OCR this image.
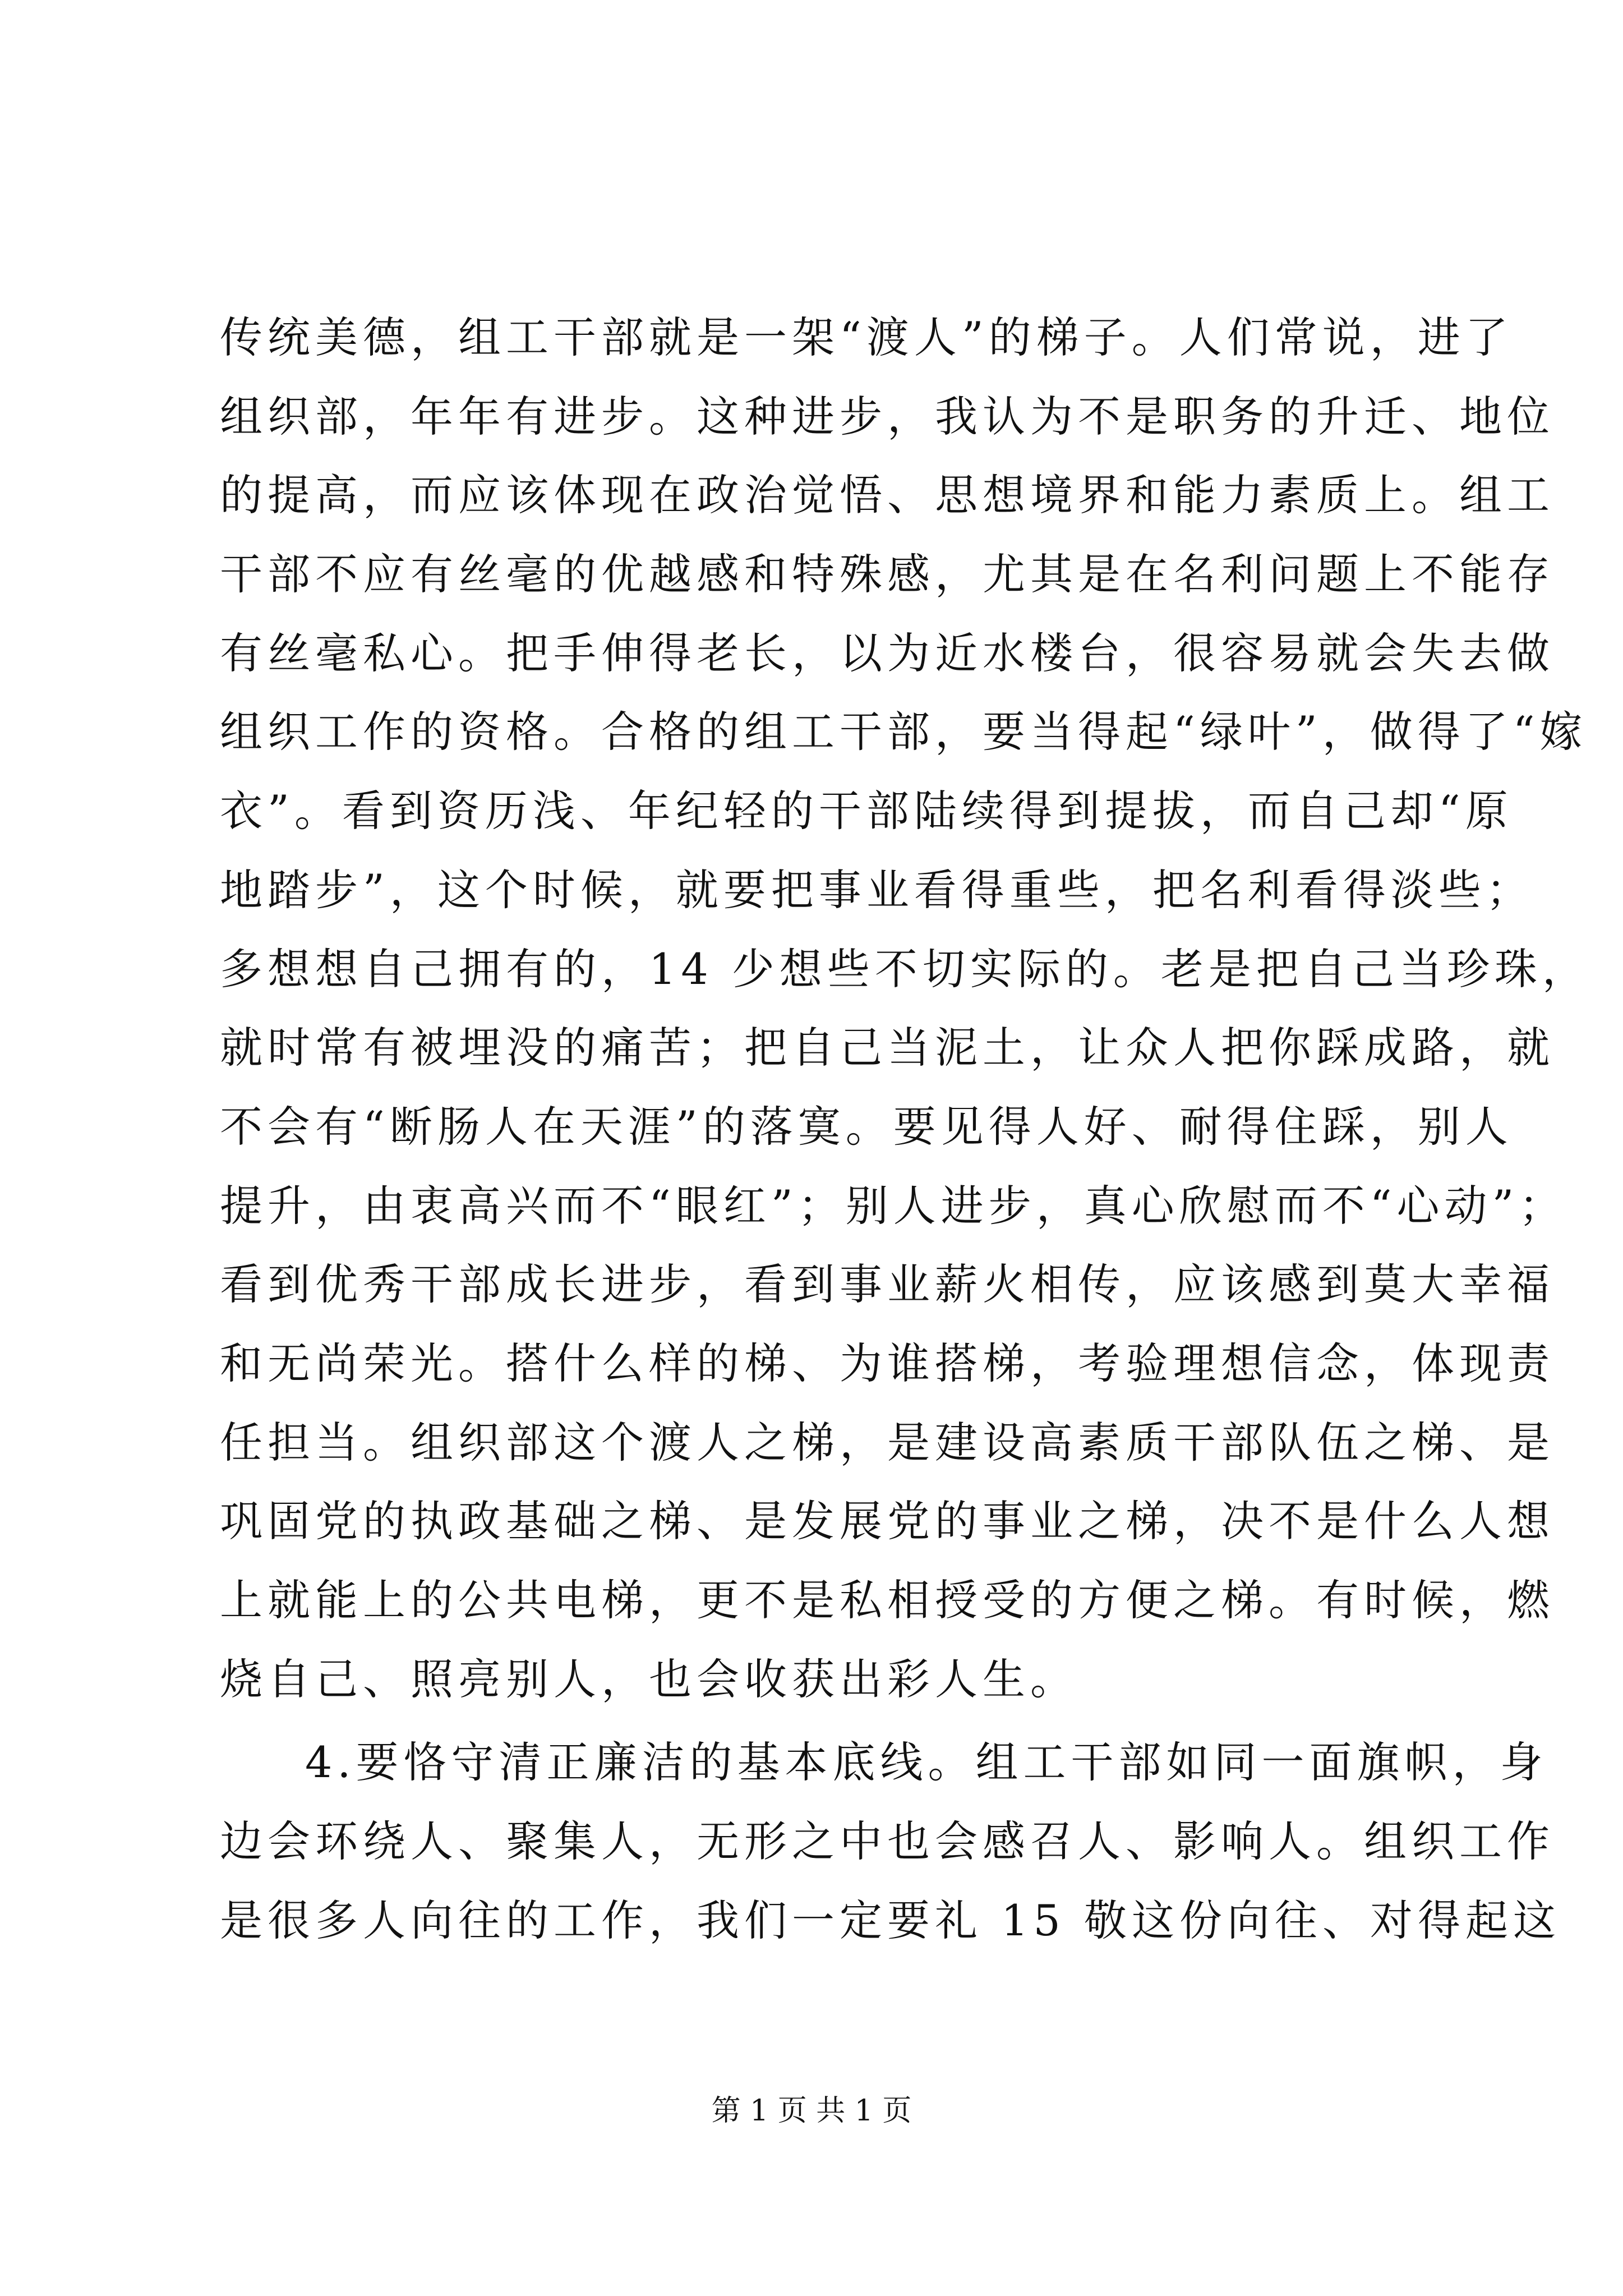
传统美德，组工干部就是一架“渡人”的梯子。人们常说，进了
组织部，年年有进步。这种进步，我认为不是职务的升迁、地位
的提高，而应该体现在政治觉悟、思想境界和能力素质上。组工
干部不应有丝毫的优越感和特殊感，尤其是在名利问题上不能存
有丝毫私心。把手伸得老长，以为近水楼台，很容易就会失去做
组织工作的资格。合格的组工干部，要当得起“绿叶”，做得了“嫁
衣”。看到资历浅、年纪轻的干部陆续得到提拔，而自己却“原
地踏步”，这个时候，就要把事业看得重些，把名利看得淡些；
多想想自己拥有的，14 少想些不切实际的。老是把自己当珍珠，
就时常有被埋没的痛苦；把自己当泥土，让众人把你踩成路，就
不会有“断肠人在天涯”的落寞。要见得人好、耐得住踩，别人
提升，由衷高兴而不“眼红”；别人进步，真心欣慰而不“心动”；
看到优秀干部成长进步，看到事业薪火相传，应该感到莫大幸福
和无尚荣光。搭什么样的梯、为谁搭梯，考验理想信念，体现责
任担当。组织部这个渡人之梯，是建设高素质干部队伍之梯、是
巩固党的执政基础之梯、是发展党的事业之梯，决不是什么人想
上就能上的公共电梯，更不是私相授受的方便之梯。有时候，燃
烧自己、照亮别人，也会收获出彩人生。
4.要恪守清正廉洁的基本底线。组工干部如同一面旗帜，身
边会环绕人、聚集人，无形之中也会感召人、影响人。组织工作
是很多人向往的工作，我们一定要礼 15 敬这份向往、对得起这
第 1 页 共 1 页
